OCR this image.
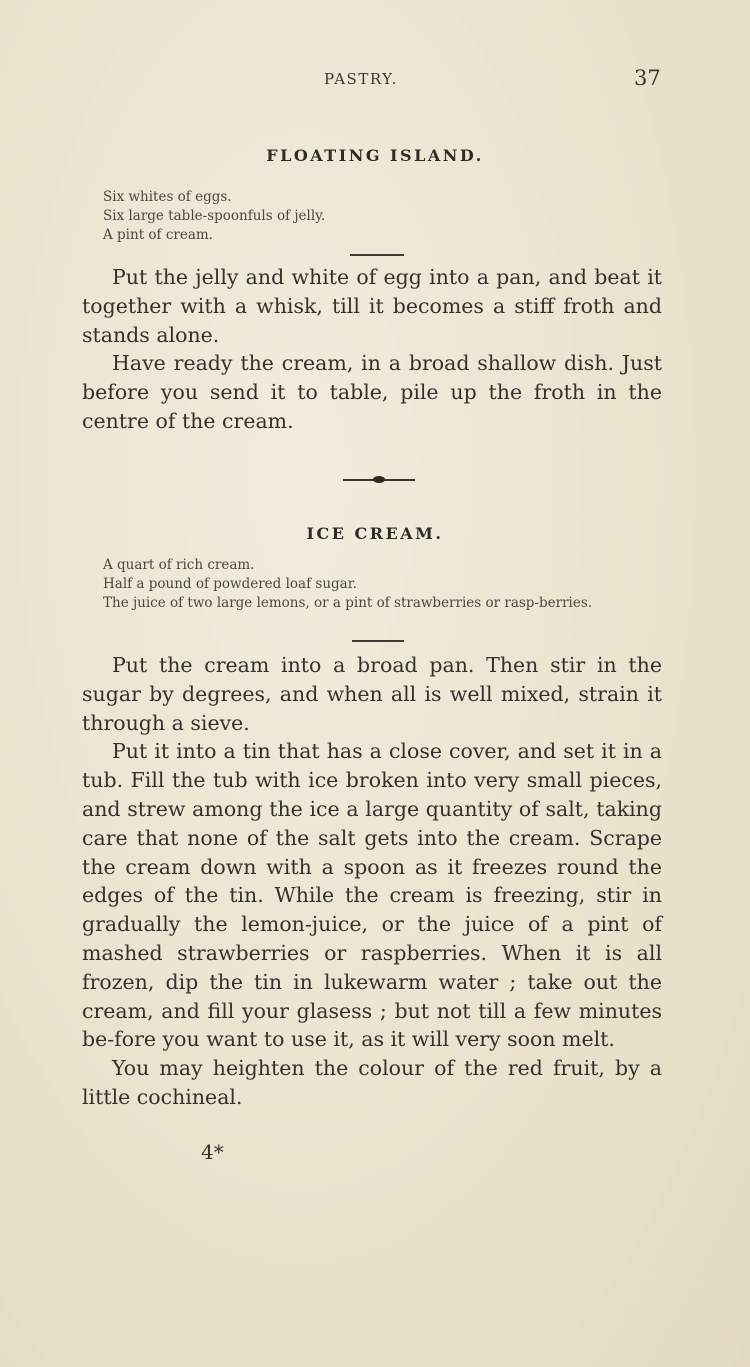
PASTRY.	37
FLOATING ISLAND.
Six whites of eggs.
Six large table-spoonfuls of jelly.
A pint of cream.

Put the jelly and white of egg into a pan, and beat it together with a whisk, till it becomes a stiff froth and stands alone.

Have ready the cream, in a broad shallow dish. Just before you send it to table, pile up the froth in the centre of the cream.

ICE CREAM.
A quart of rich cream.
Half a pound of powdered loaf sugar.
The juice of two large lemons, or a pint of strawberries or rasp-berries.

Put the cream into a broad pan. Then stir in the sugar by degrees, and when all is well mixed, strain it through a sieve.

Put it into a tin that has a close cover, and set it in a tub. Fill the tub with ice broken into very small pieces, and strew among the ice a large quantity of salt, taking care that none of the salt gets into the cream. Scrape the cream down with a spoon as it freezes round the edges of the tin. While the cream is freezing, stir in gradually the lemon-juice, or the juice of a pint of mashed strawberries or raspberries. When it is all frozen, dip the tin in lukewarm water ; take out the cream, and fill your glasess ; but not till a few minutes be-fore you want to use it, as it will very soon melt.

You may heighten the colour of the red fruit, by a little cochineal.

4*
